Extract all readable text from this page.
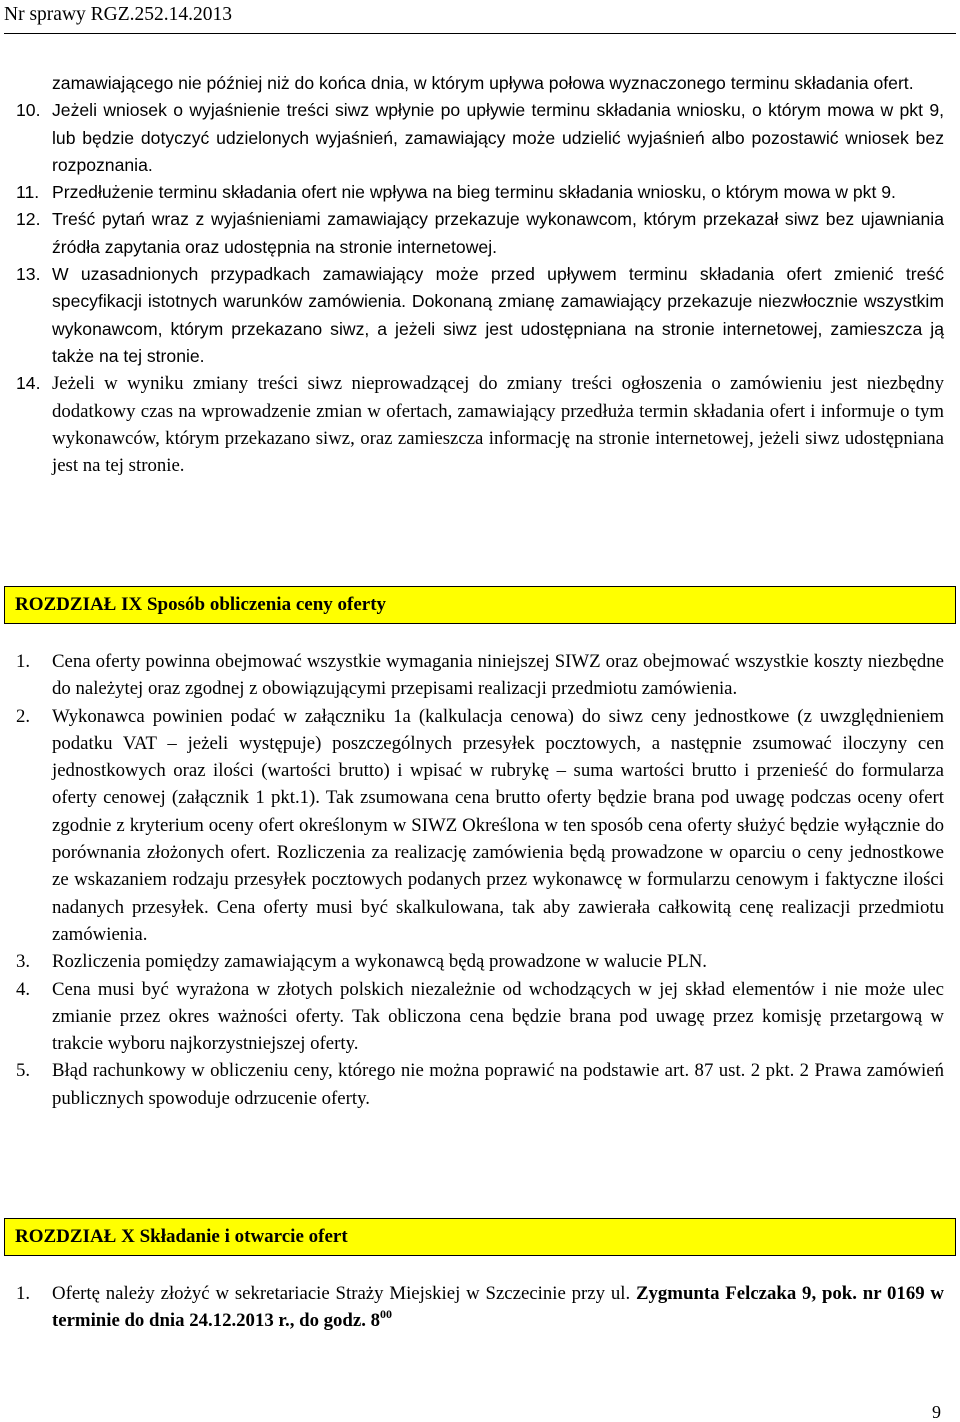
Nr sprawy RGZ.252.14.2013
zamawiającego nie później niż do końca dnia, w którym upływa połowa wyznaczonego terminu składania ofert.
10. Jeżeli wniosek o wyjaśnienie treści siwz wpłynie po upływie terminu składania wniosku, o którym mowa w pkt 9, lub będzie dotyczyć udzielonych wyjaśnień, zamawiający może udzielić wyjaśnień albo pozostawić wniosek bez rozpoznania.
11. Przedłużenie terminu składania ofert nie wpływa na bieg terminu składania wniosku, o którym mowa w pkt 9.
12. Treść pytań wraz z wyjaśnieniami zamawiający przekazuje wykonawcom, którym przekazał siwz bez ujawniania źródła zapytania oraz udostępnia na stronie internetowej.
13. W uzasadnionych przypadkach zamawiający może przed upływem terminu składania ofert zmienić treść specyfikacji istotnych warunków zamówienia. Dokonaną zmianę zamawiający przekazuje niezwłocznie wszystkim wykonawcom, którym przekazano siwz, a jeżeli siwz jest udostępniana na stronie internetowej, zamieszcza ją także na tej stronie.
14. Jeżeli w wyniku zmiany treści siwz nieprowadzącej do zmiany treści ogłoszenia o zamówieniu jest niezbędny dodatkowy czas na wprowadzenie zmian w ofertach, zamawiający przedłuża termin składania ofert i informuje o tym wykonawców, którym przekazano siwz, oraz zamieszcza informację na stronie internetowej, jeżeli siwz udostępniana jest na tej stronie.
ROZDZIAŁ IX Sposób obliczenia ceny oferty
1. Cena oferty powinna obejmować wszystkie wymagania niniejszej SIWZ oraz obejmować wszystkie koszty niezbędne do należytej oraz zgodnej z obowiązującymi przepisami realizacji przedmiotu zamówienia.
2. Wykonawca powinien podać w załączniku 1a (kalkulacja cenowa) do siwz ceny jednostkowe (z uwzględnieniem podatku VAT – jeżeli występuje) poszczególnych przesyłek pocztowych, a następnie zsumować iloczyny cen jednostkowych oraz ilości (wartości brutto) i wpisać w rubrykę – suma wartości brutto i przenieść do formularza oferty cenowej (załącznik 1 pkt.1). Tak zsumowana cena brutto oferty będzie brana pod uwagę podczas oceny ofert zgodnie z kryterium oceny ofert określonym w SIWZ Określona w ten sposób cena oferty służyć będzie wyłącznie do porównania złożonych ofert. Rozliczenia za realizację zamówienia będą prowadzone w oparciu o ceny jednostkowe ze wskazaniem rodzaju przesyłek pocztowych podanych przez wykonawcę w formularzu cenowym i faktyczne ilości nadanych przesyłek. Cena oferty musi być skalkulowana, tak aby zawierała całkowitą cenę realizacji przedmiotu zamówienia.
3. Rozliczenia pomiędzy zamawiającym a wykonawcą będą prowadzone w walucie PLN.
4. Cena musi być wyrażona w złotych polskich niezależnie od wchodzących w jej skład elementów i nie może ulec zmianie przez okres ważności oferty. Tak obliczona cena będzie brana pod uwagę przez komisję przetargową w trakcie wyboru najkorzystniejszej oferty.
5. Błąd rachunkowy w obliczeniu ceny, którego nie można poprawić na podstawie art. 87 ust. 2 pkt. 2 Prawa zamówień publicznych spowoduje odrzucenie oferty.
ROZDZIAŁ X Składanie i otwarcie ofert
1. Ofertę należy złożyć w sekretariacie Straży Miejskiej w Szczecinie przy ul. Zygmunta Felczaka 9, pok. nr 0169 w terminie do dnia 24.12.2013 r., do godz. $8^{00}$
9
